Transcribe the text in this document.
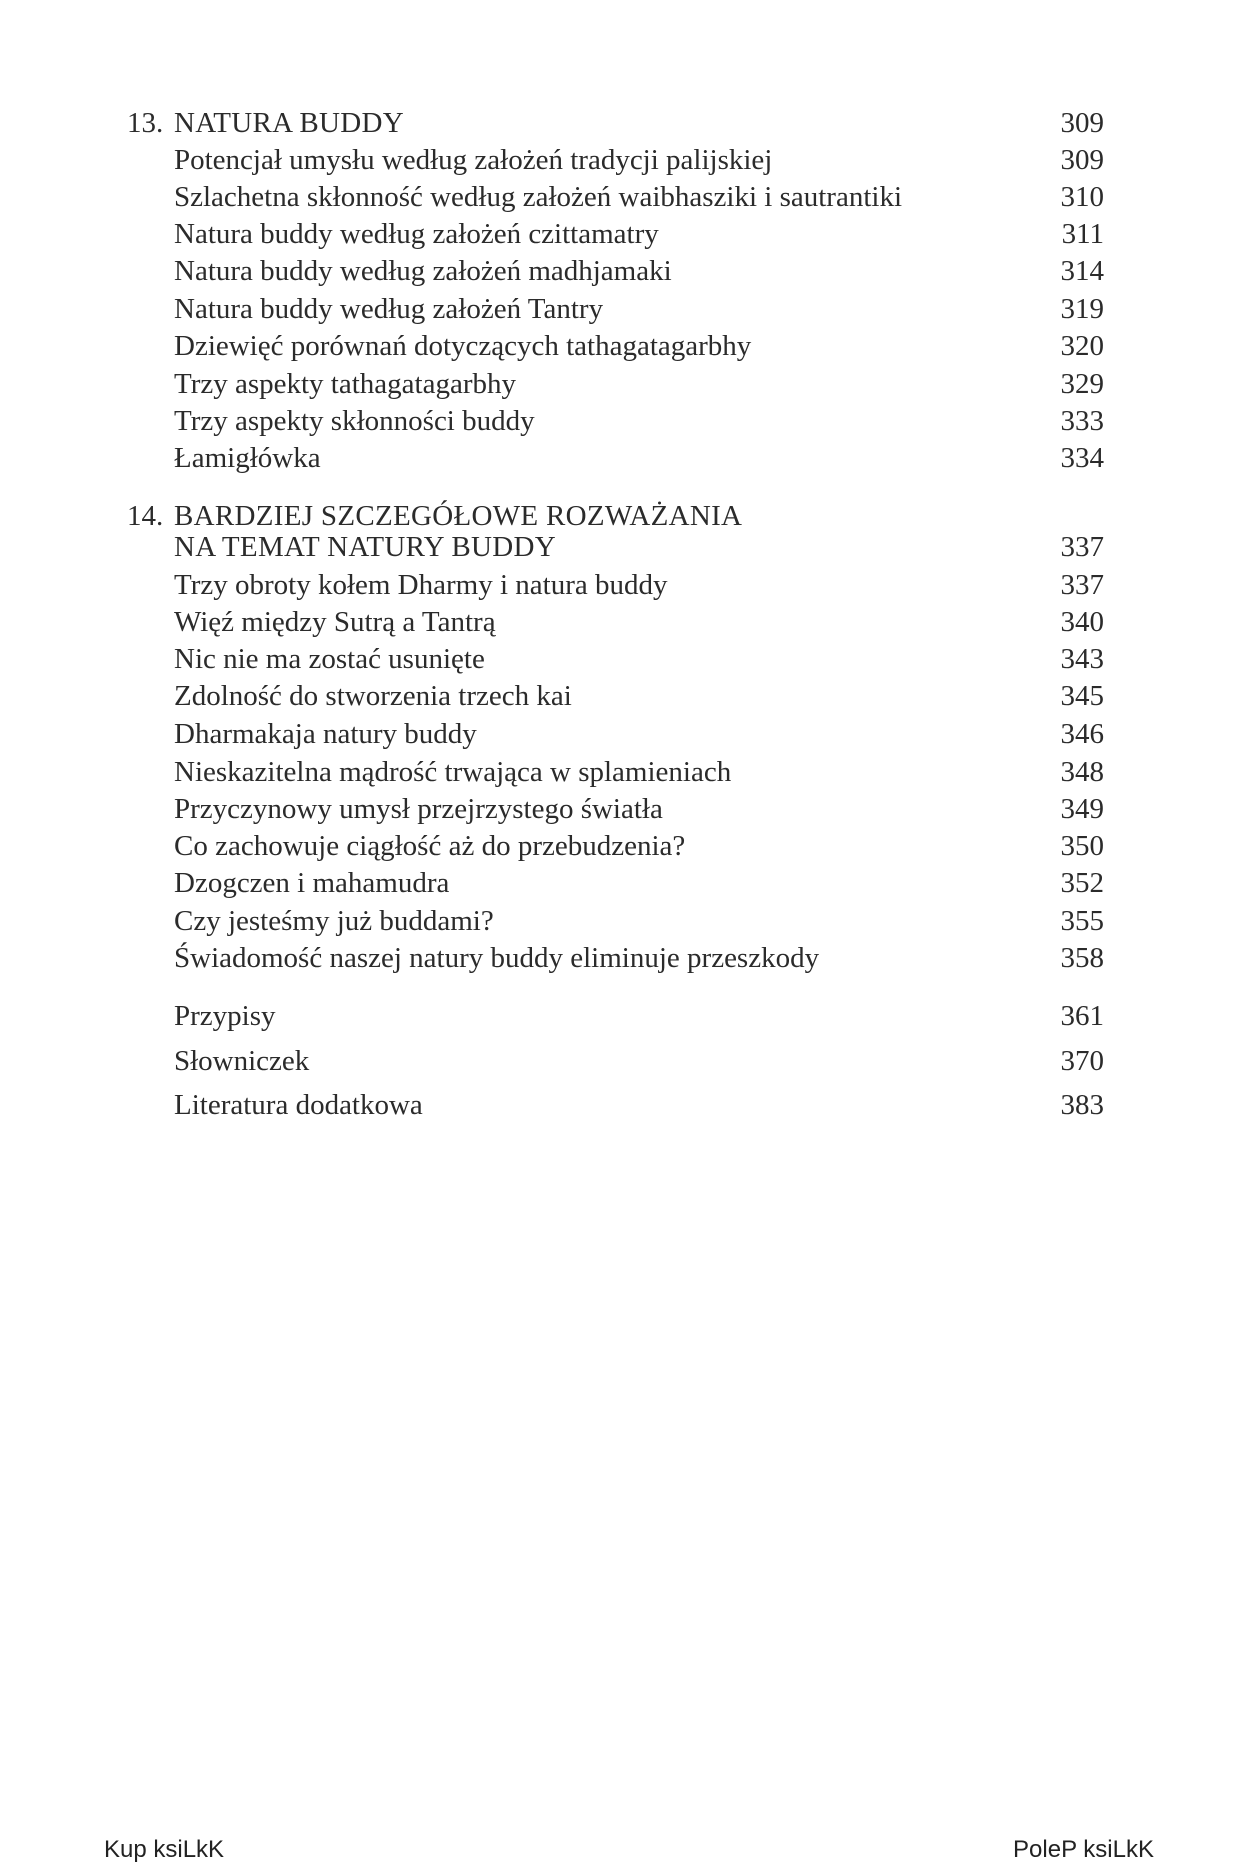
13. NATURA BUDDY	309
Potencjał umysłu według założeń tradycji palijskiej	309
Szlachetna skłonność według założeń waibhasziki i sautrantiki	310
Natura buddy według założeń czittamatry	311
Natura buddy według założeń madhjamaki	314
Natura buddy według założeń Tantry	319
Dziewięć porównań dotyczących tathagatagarbhy	320
Trzy aspekty tathagatagarbhy	329
Trzy aspekty skłonności buddy	333
Łamigłówka	334
14. BARDZIEJ SZCZEGÓŁOWE ROZWAŻANIA
NA TEMAT NATURY BUDDY	337
Trzy obroty kołem Dharmy i natura buddy	337
Więź między Sutrą a Tantrą	340
Nic nie ma zostać usunięte	343
Zdolność do stworzenia trzech kai	345
Dharmakaja natury buddy	346
Nieskazitelna mądrość trwająca w splamieniach	348
Przyczynowy umysł przejrzystego światła	349
Co zachowuje ciągłość aż do przebudzenia?	350
Dzogczen i mahamudra	352
Czy jesteśmy już buddami?	355
Świadomość naszej natury buddy eliminuje przeszkody	358
Przypisy	361
Słowniczek	370
Literatura dodatkowa	383
Kup ksiLkK	PoleP ksiLkK
